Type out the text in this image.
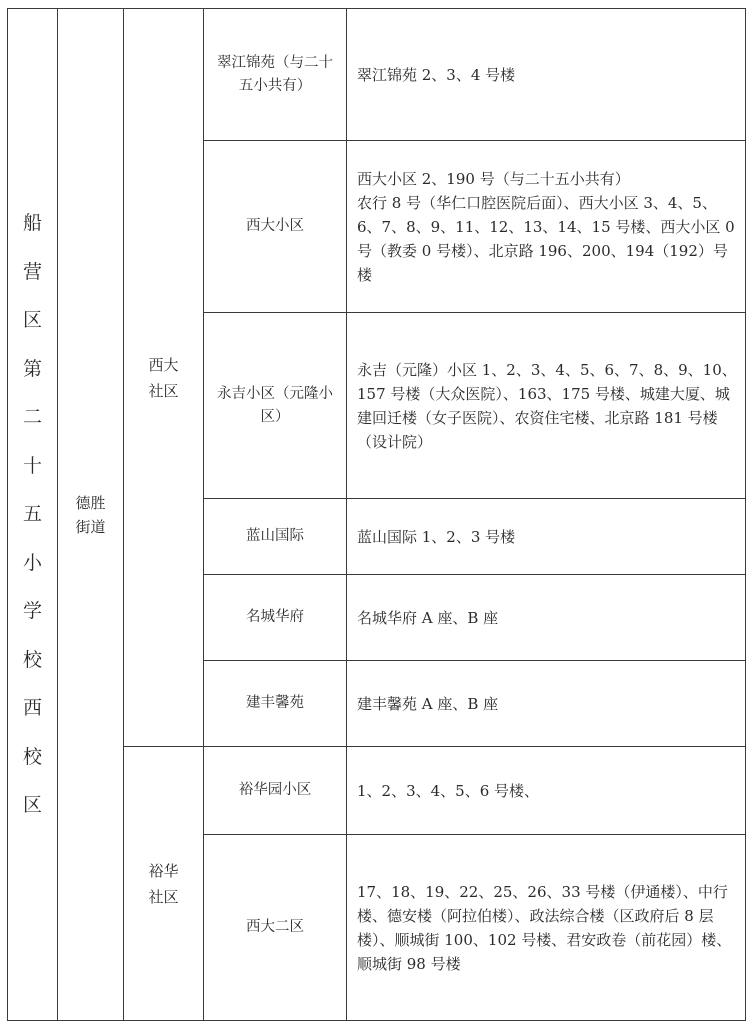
船营区第二十五小学校西校区	德胜街道	西大社区	翠江锦苑（与二十五小共有）	翠江锦苑 2、3、4 号楼
			西大小区	西大小区 2、190 号（与二十五小共有）
农行 8 号（华仁口腔医院后面）、西大小区 3、4、5、6、7、8、9、11、12、13、14、15 号楼、西大小区 0 号（教委 0 号楼）、北京路 196、200、194（192）号楼

			永吉小区（元隆小区）	永吉（元隆）小区 1、2、3、4、5、6、7、8、9、10、157 号楼（大众医院）、163、175 号楼、城建大厦、城建回迁楼（女子医院）、农资住宅楼、北京路 181 号楼（设计院）
			蓝山国际	蓝山国际 1、2、3 号楼
			名城华府	名城华府 A 座、B 座
			建丰馨苑	建丰馨苑 A 座、B 座
		裕华社区	裕华园小区	1、2、3、4、5、6 号楼、
			西大二区	17、18、19、22、25、26、33 号楼（伊通楼）、中行楼、德安楼（阿拉伯楼）、政法综合楼（区政府后 8 层楼）、顺城街 100、102 号楼、君安政卷（前花园）楼、顺城街 98 号楼
